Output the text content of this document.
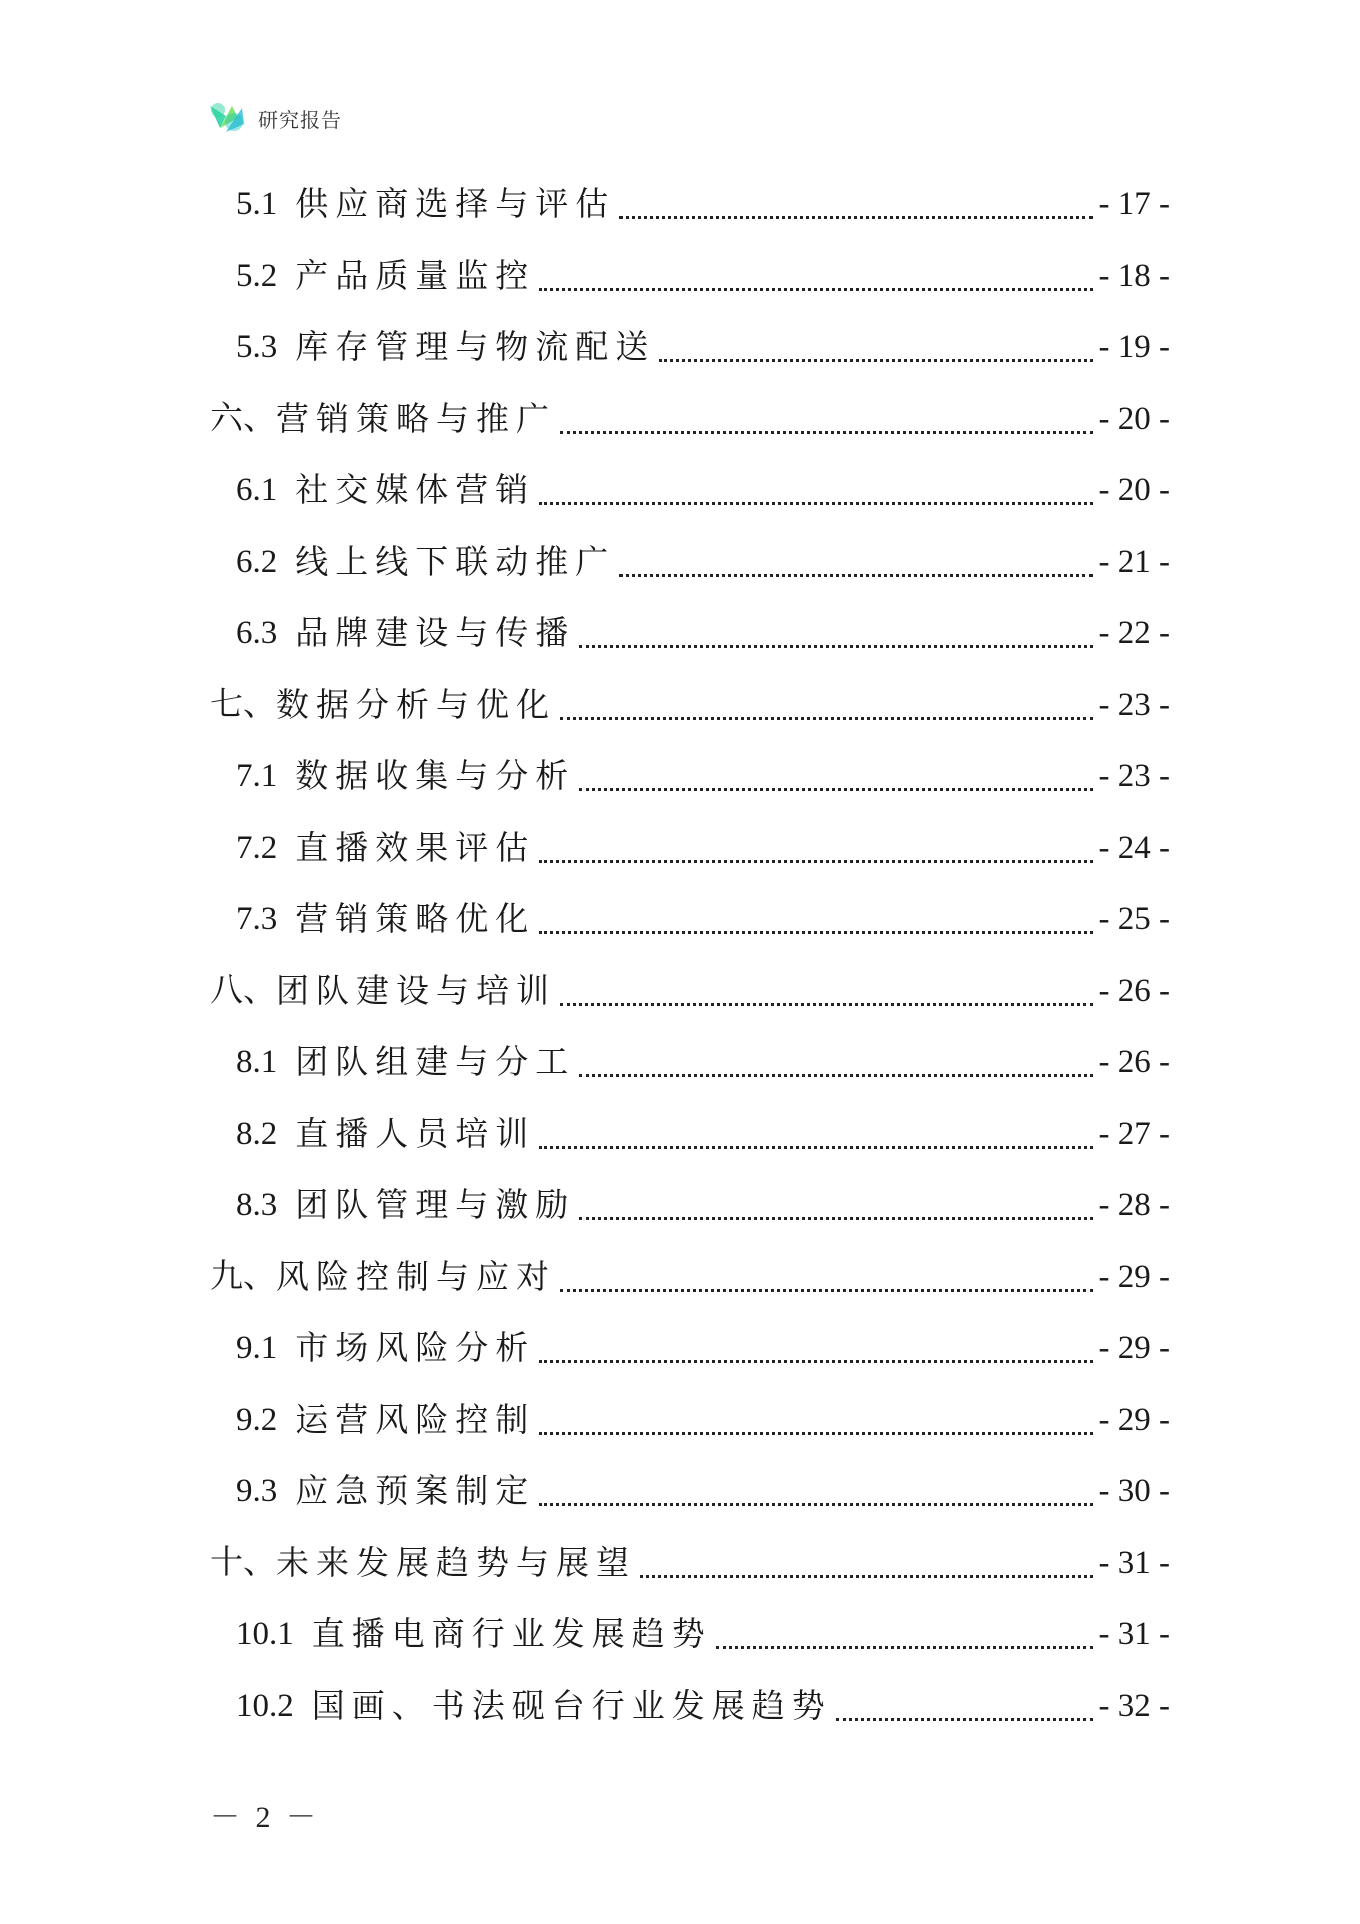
研究报告
5.1 供应商选择与评估	- 17 -
5.2 产品质量监控	- 18 -
5.3 库存管理与物流配送	- 19 -
六、 营销策略与推广	- 20 -
6.1 社交媒体营销	- 20 -
6.2 线上线下联动推广	- 21 -
6.3 品牌建设与传播	- 22 -
七、 数据分析与优化	- 23 -
7.1 数据收集与分析	- 23 -
7.2 直播效果评估	- 24 -
7.3 营销策略优化	- 25 -
八、 团队建设与培训	- 26 -
8.1 团队组建与分工	- 26 -
8.2 直播人员培训	- 27 -
8.3 团队管理与激励	- 28 -
九、 风险控制与应对	- 29 -
9.1 市场风险分析	- 29 -
9.2 运营风险控制	- 29 -
9.3 应急预案制定	- 30 -
十、 未来发展趋势与展望	- 31 -
10.1 直播电商行业发展趋势	- 31 -
10.2 国画、书法砚台行业发展趋势	- 32 -
－ 2 －
